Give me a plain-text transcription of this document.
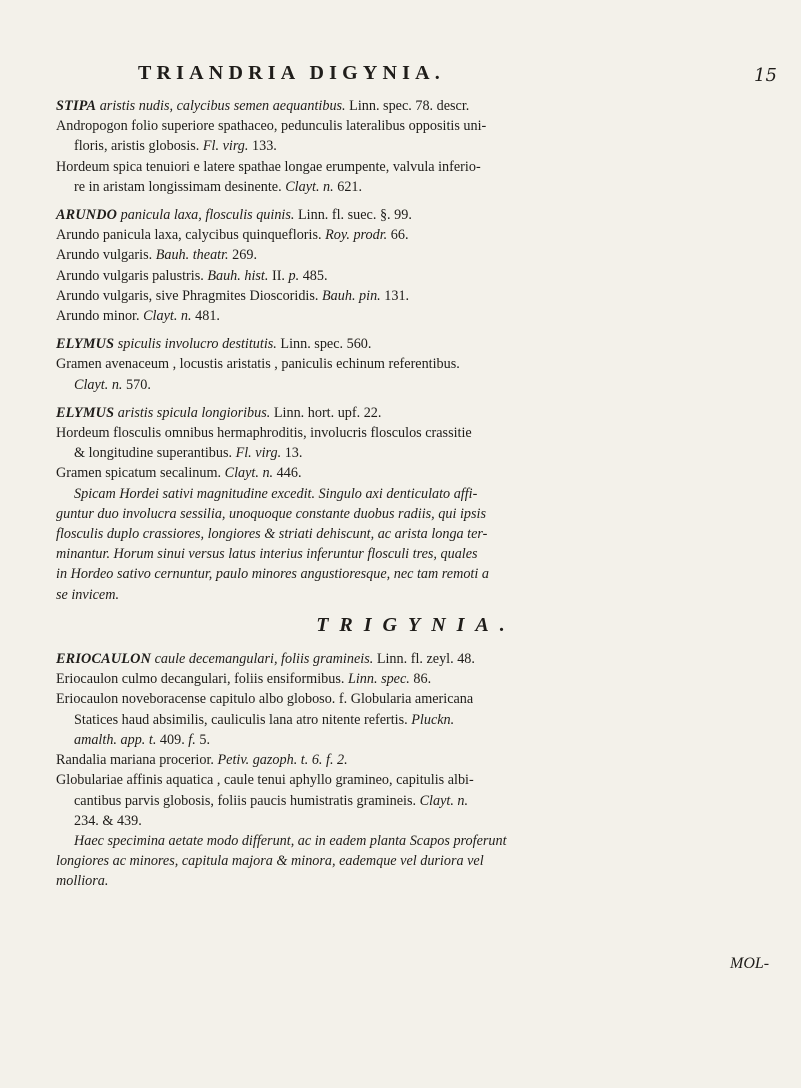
TRIANDRIA DIGYNIA.	15
STIPA aristis nudis, calycibus semen aequantibus. Linn. spec. 78. descr.
Andropogon folio superiore spathaceo, pedunculis lateralibus oppositis uni-
floris, aristis globosis. Fl. virg. 133.
Hordeum spica tenuiori e latere spathae longae erumpente, valvula inferio-
re in aristam longissimam desinente. Clayt. n. 621.
ARUNDO panicula laxa, flosculis quinis. Linn. fl. suec. §. 99.
Arundo panicula laxa, calycibus quinquefloris. Roy. prodr. 66.
Arundo vulgaris. Bauh. theatr. 269.
Arundo vulgaris palustris. Bauh. hist. II. p. 485.
Arundo vulgaris, sive Phragmites Dioscoridis. Bauh. pin. 131.
Arundo minor. Clayt. n. 481.
ELYMUS spiculis involucro destitutis. Linn. spec. 560.
Gramen avenaceum , locustis aristatis , paniculis echinum referentibus.
Clayt. n. 570.
ELYMUS aristis spicula longioribus. Linn. hort. upf. 22.
Hordeum flosculis omnibus hermaphroditis, involucris flosculos crassitie
& longitudine superantibus. Fl. virg. 13.
Gramen spicatum secalinum. Clayt. n. 446.
Spicam Hordei sativi magnitudine excedit. Singulo axi denticulato affi-
guntur duo involucra sessilia, unoquoque constante duobus radiis, qui ipsis
flosculis duplo crassiores, longiores & striati dehiscunt, ac arista longa ter-
minantur. Horum sinui versus latus interius inferuntur flosculi tres, quales
in Hordeo sativo cernuntur, paulo minores angustioresque, nec tam remoti a
se invicem.
TRIGYNIA.
ERIOCAULON caule decemangulari, foliis gramineis. Linn. fl. zeyl. 48.
Eriocaulon culmo decangulari, foliis ensiformibus. Linn. spec. 86.
Eriocaulon noveboracense capitulo albo globoso. f. Globularia americana
Statices haud absimilis, cauliculis lana atro nitente refertis. Pluckn.
amalth. app. t. 409. f. 5.
Randalia mariana procerior. Petiv. gazoph. t. 6. f. 2.
Globulariae affinis aquatica , caule tenui aphyllo gramineo, capitulis albi-
cantibus parvis globosis, foliis paucis humistratis gramineis. Clayt. n.
234. & 439.
Haec specimina aetate modo differunt, ac in eadem planta Scapos proferunt
longiores ac minores, capitula majora & minora, eademque vel duriora vel
molliora.
MOL-
